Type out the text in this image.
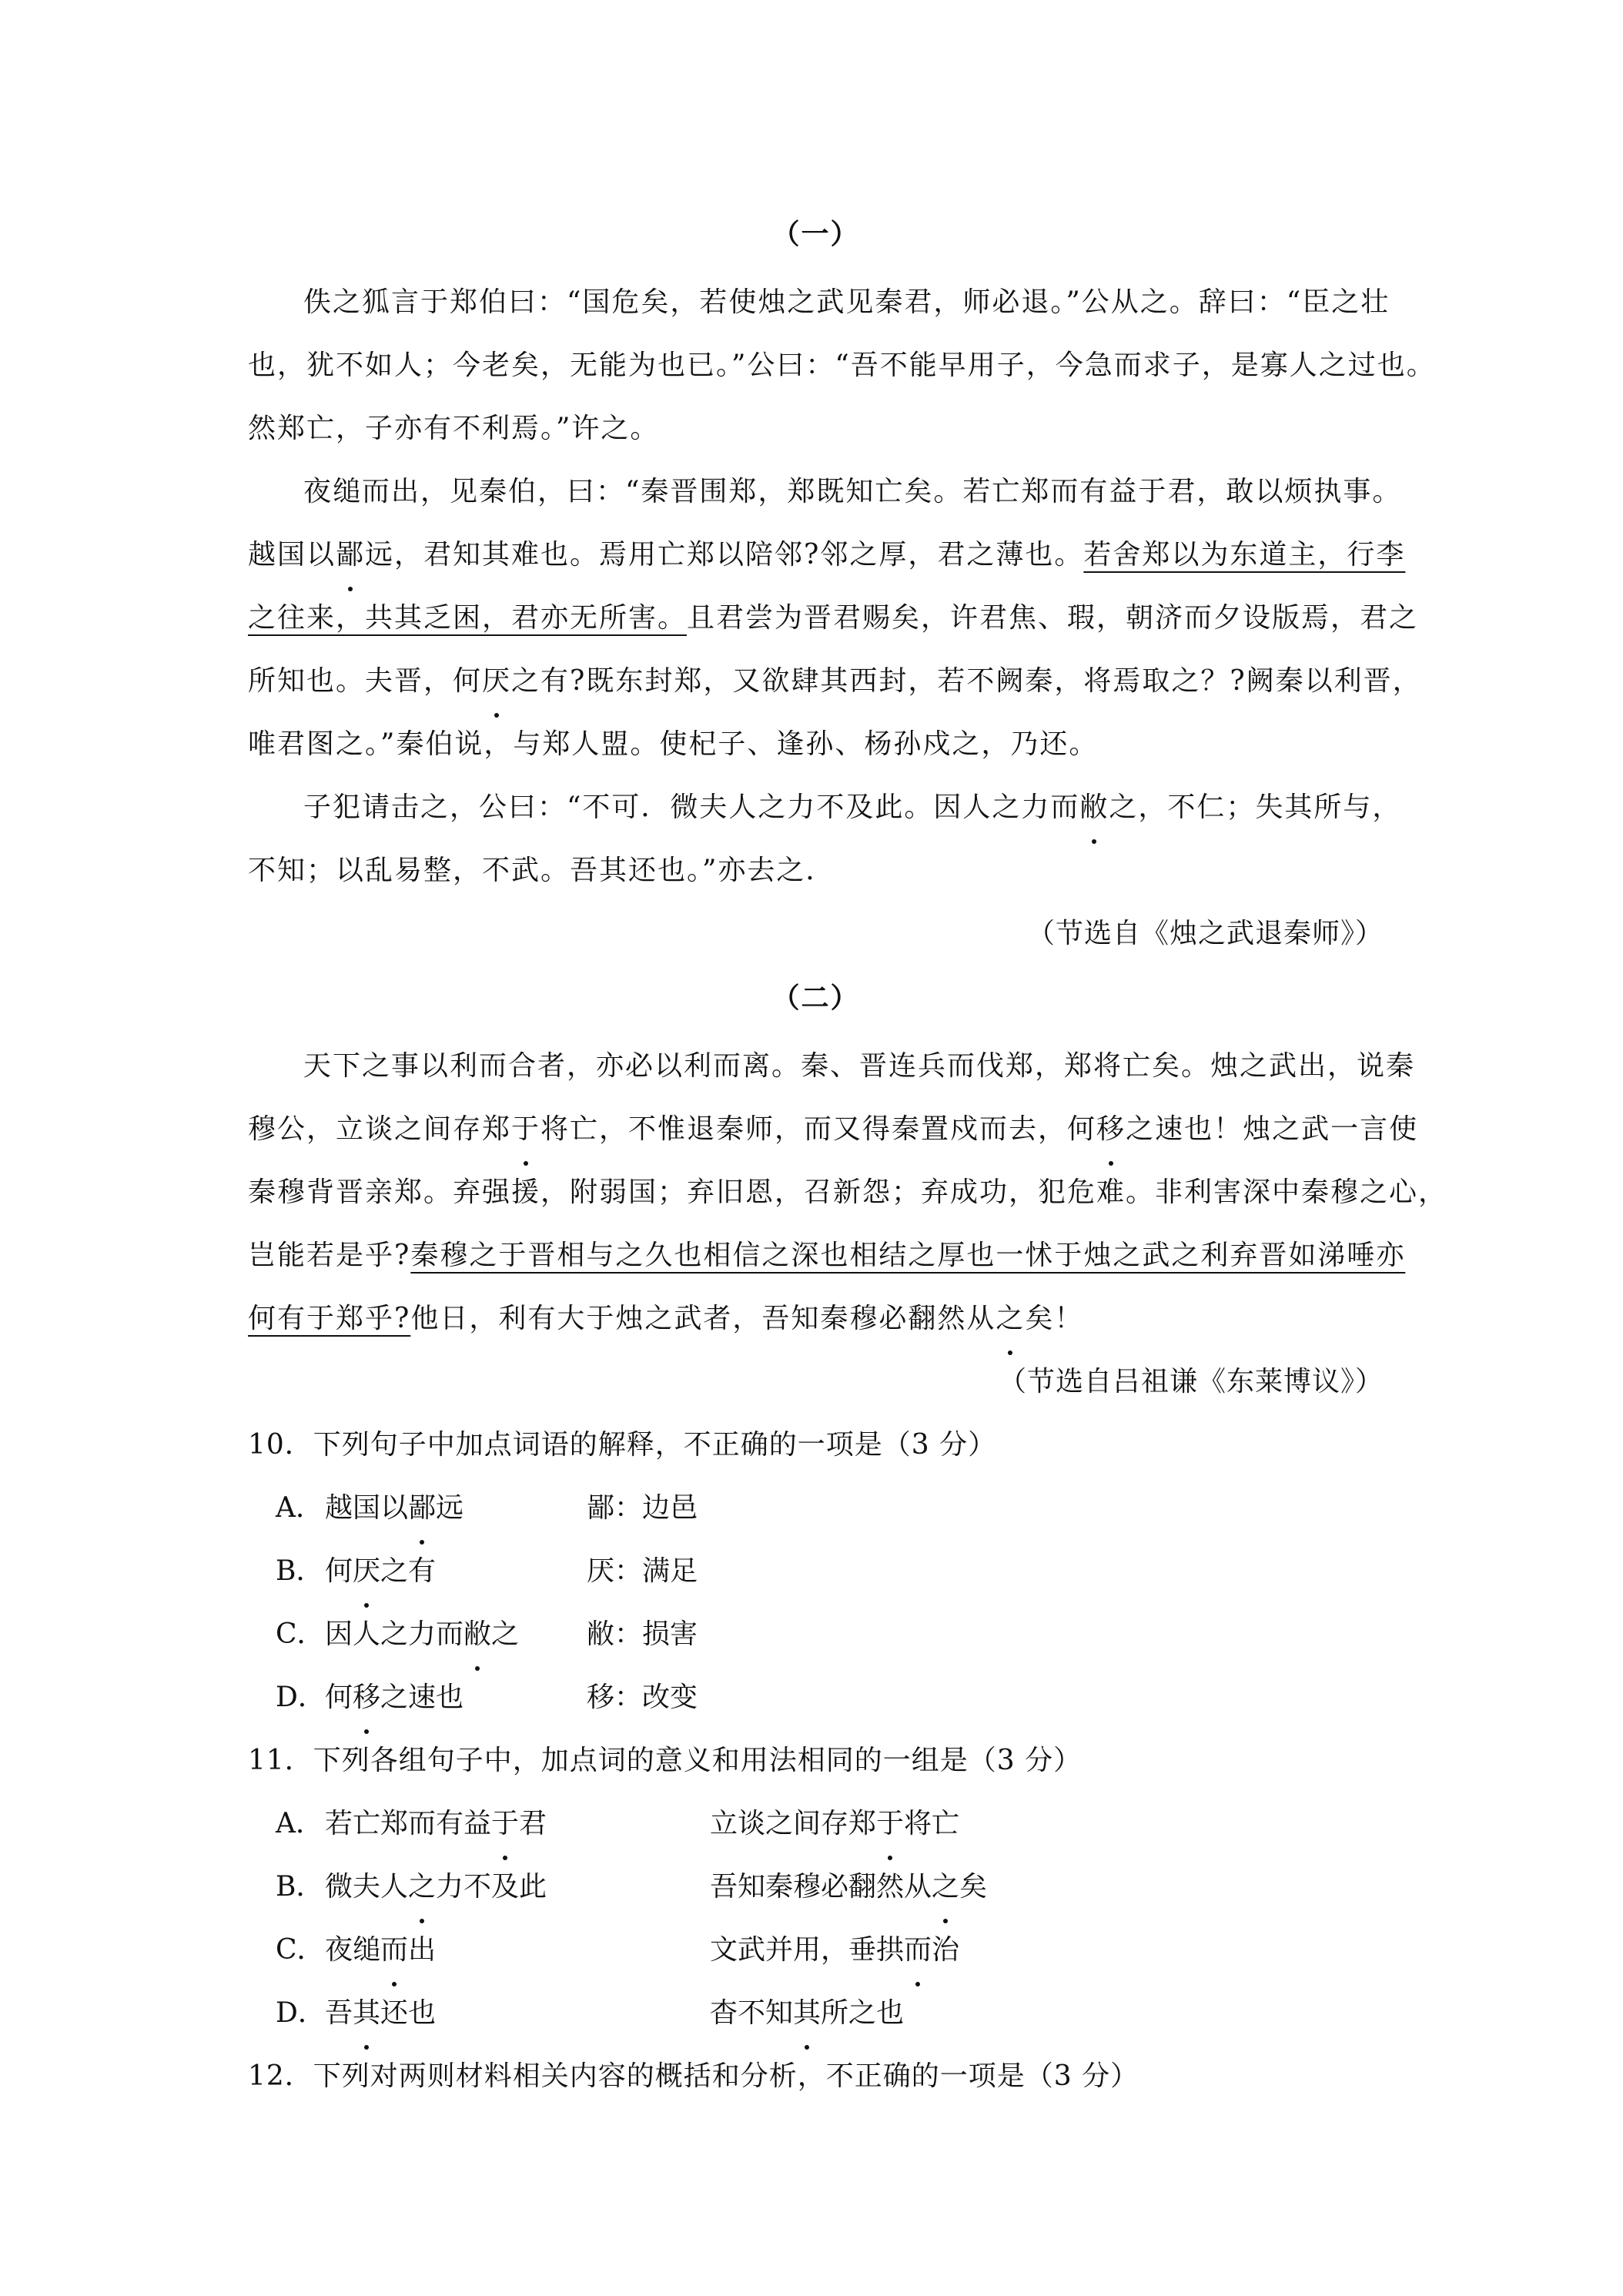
（一）
佚之狐言于郑伯曰：“国危矣，若使烛之武见秦君，师必退。”公从之。辞曰：“臣之壮
也，犹不如人；今老矣，无能为也已。”公曰：“吾不能早用子，今急而求子，是寡人之过也。
然郑亡，子亦有不利焉。”许之。
夜缒而出，见秦伯，曰：“秦晋围郑，郑既知亡矣。若亡郑而有益于君，敢以烦执事。
越国以鄙远，君知其难也。焉用亡郑以陪邻?邻之厚，君之薄也。若舍郑以为东道主，行李
之往来，共其乏困，君亦无所害。且君尝为晋君赐矣，许君焦、瑕，朝济而夕设版焉，君之
所知也。夫晋，何厌之有?既东封郑，又欲肆其西封，若不阙秦，将焉取之？?阙秦以利晋，
唯君图之。”秦伯说，与郑人盟。使杞子、逢孙、杨孙戍之，乃还。
子犯请击之，公曰：“不可．微夫人之力不及此。因人之力而敝之，不仁；失其所与，
不知；以乱易整，不武。吾其还也。”亦去之．

（节选自《烛之武退秦师》）

（二）
天下之事以利而合者，亦必以利而离。秦、晋连兵而伐郑，郑将亡矣。烛之武出，说秦
穆公，立谈之间存郑于将亡，不惟退秦师，而又得秦置戍而去，何移之速也！烛之武一言使
秦穆背晋亲郑。弃强援，附弱国；弃旧恩，召新怨；弃成功，犯危难。非利害深中秦穆之心，
岂能若是乎?秦穆之于晋相与之久也相信之深也相结之厚也一怵于烛之武之利弃晋如涕唾亦
何有于郑乎?他日，利有大于烛之武者，吾知秦穆必翻然从之矣！

（节选自吕祖谦《东莱博议》）

10．下列句子中加点词语的解释，不正确的一项是（3 分）

A． 越国以鄙远	鄙：边邑
B． 何厌之有	厌：满足
C． 因人之力而敝之 敝：损害
D． 何移之速也	移：改变

11．下列各组句子中，加点词的意义和用法相同的一组是（3 分）

A． 若亡郑而有益于君	立谈之间存郑于将亡
B． 微夫人之力不及此	吾知秦穆必翻然从之矣
C． 夜缒而出	文武并用，垂拱而治
D． 吾其还也	杳不知其所之也

12．下列对两则材料相关内容的概括和分析，不正确的一项是（3 分）
